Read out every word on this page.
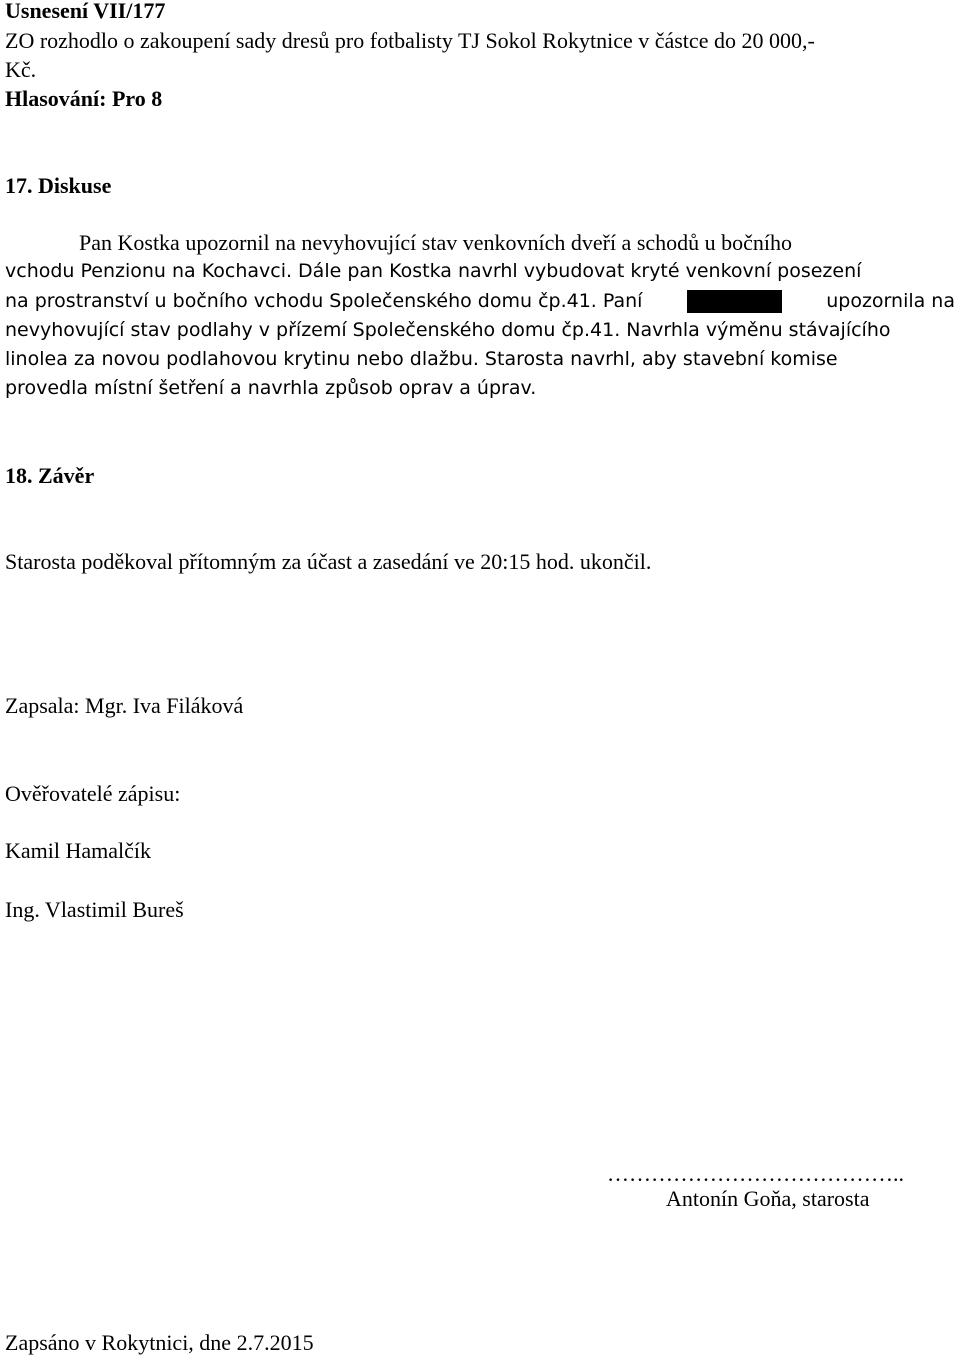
Usnesení VII/177
ZO rozhodlo o zakoupení sady dresů pro fotbalisty TJ Sokol Rokytnice v částce do 20 000,-
Kč.
Hlasování: Pro 8
17. Diskuse
Pan Kostka upozornil na nevyhovující stav venkovních dveří a schodů u bočního
vchodu Penzionu na Kochavci. Dále pan Kostka navrhl vybudovat kryté venkovní posezení
na prostranství u bočního vchodu Společenského domu čp.41. Paní	upozornila na
nevyhovující stav podlahy v přízemí Společenského domu čp.41. Navrhla výměnu stávajícího
linolea za novou podlahovou krytinu nebo dlažbu. Starosta navrhl, aby stavební komise
provedla místní šetření a navrhla způsob oprav a úprav.
18. Závěr
Starosta poděkoval přítomným za účast a zasedání ve 20:15 hod. ukončil.
Zapsala: Mgr. Iva Filáková
Ověřovatelé zápisu:
Kamil Hamalčík
Ing. Vlastimil Bureš
…………………………………..
Antonín Goňa, starosta
Zapsáno v Rokytnici, dne 2.7.2015
